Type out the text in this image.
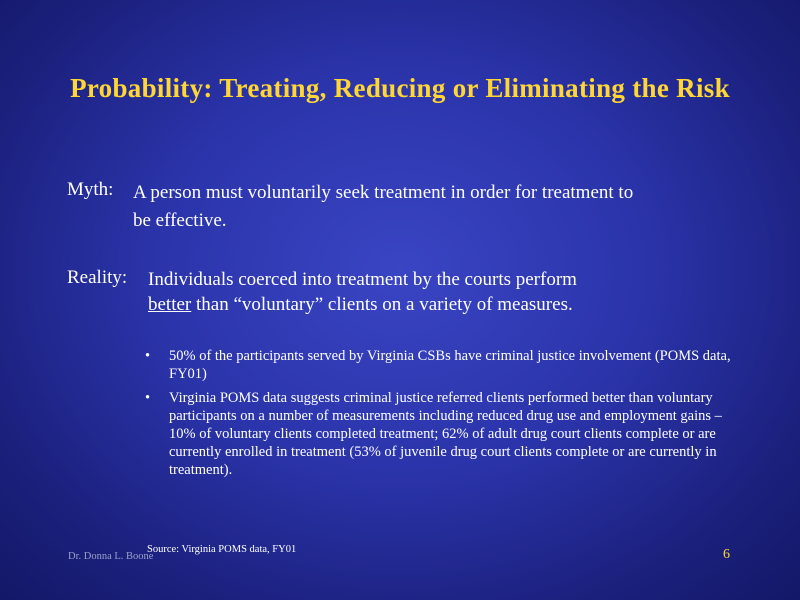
Probability: Treating, Reducing or Eliminating the Risk
Myth: A person must voluntarily seek treatment in order for treatment to
be effective.
Reality: Individuals coerced into treatment by the courts perform
better than “voluntary” clients on a variety of measures.
• 50% of the participants served by Virginia CSBs have criminal justice involvement (POMS data, FY01)
• Virginia POMS data suggests criminal justice referred clients performed better than voluntary participants on a number of measurements including reduced drug use and employment gains – 10% of voluntary clients completed treatment; 62% of adult drug court clients complete or are currently enrolled in treatment (53% of juvenile drug court clients complete or are currently in treatment).
Dr. Donna L. Boone
Source: Virginia POMS data, FY01	6
